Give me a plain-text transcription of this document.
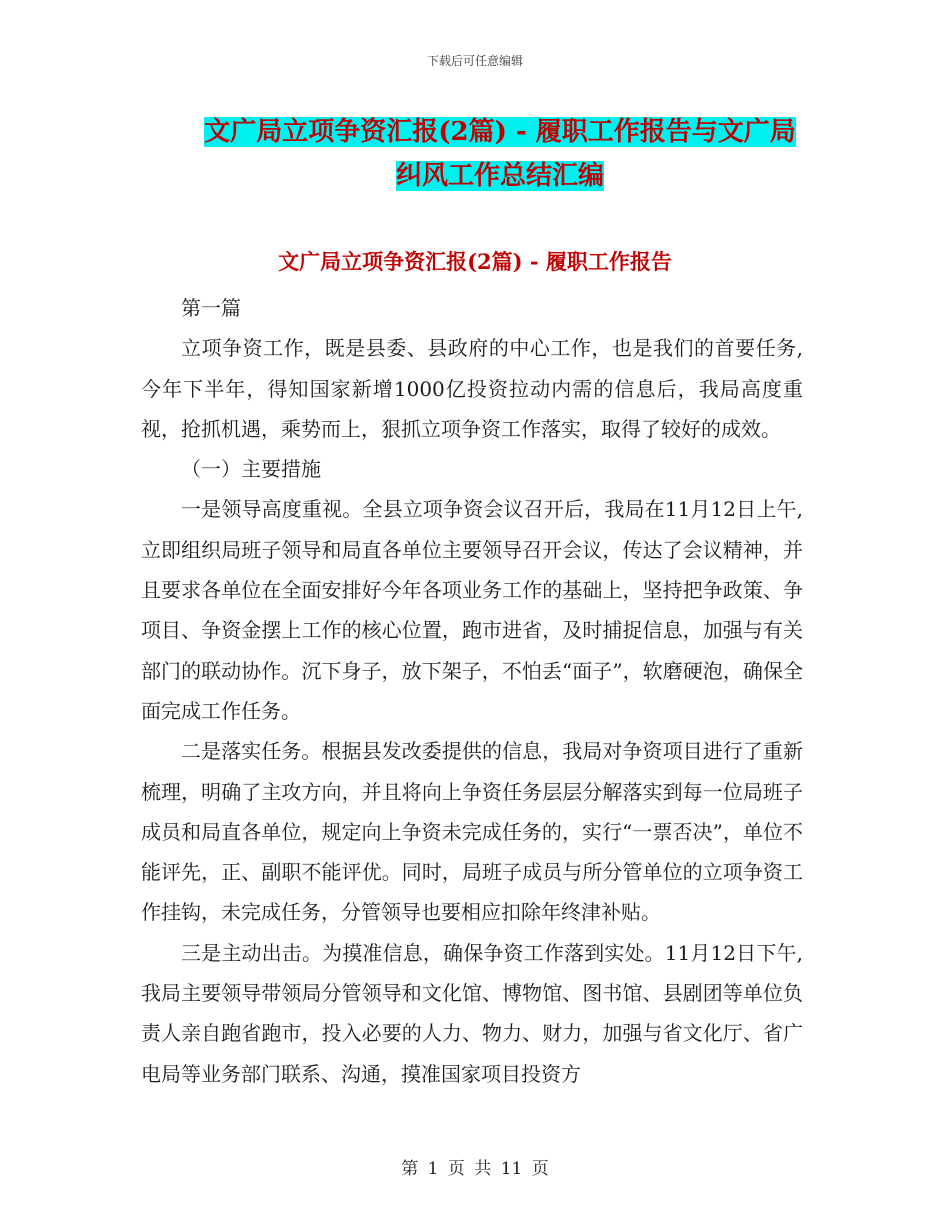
下载后可任意编辑
文广局立项争资汇报(2篇) - 履职工作报告与文广局
纠风工作总结汇编
文广局立项争资汇报(2篇) - 履职工作报告

第一篇

立项争资工作，既是县委、县政府的中心工作，也是我们的首要任务,今年下半年，得知国家新增1000亿投资拉动内需的信息后，我局高度重视，抢抓机遇，乘势而上，狠抓立项争资工作落实，取得了较好的成效。

（一）主要措施

一是领导高度重视。全县立项争资会议召开后，我局在11月12日上午,立即组织局班子领导和局直各单位主要领导召开会议，传达了会议精神，并且要求各单位在全面安排好今年各项业务工作的基础上，坚持把争政策、争项目、争资金摆上工作的核心位置，跑市进省，及时捕捉信息，加强与有关部门的联动协作。沉下身子，放下架子，不怕丢“面子”，软磨硬泡，确保全面完成工作任务。

二是落实任务。根据县发改委提供的信息，我局对争资项目进行了重新梳理，明确了主攻方向，并且将向上争资任务层层分解落实到每一位局班子成员和局直各单位，规定向上争资未完成任务的，实行“一票否决”，单位不能评先，正、副职不能评优。同时，局班子成员与所分管单位的立项争资工作挂钩，未完成任务，分管领导也要相应扣除年终津补贴。

三是主动出击。为摸准信息，确保争资工作落到实处。11月12日下午,我局主要领导带领局分管领导和文化馆、博物馆、图书馆、县剧团等单位负责人亲自跑省跑市，投入必要的人力、物力、财力，加强与省文化厅、省广电局等业务部门联系、沟通，摸准国家项目投资方

第 1 页 共 11 页
